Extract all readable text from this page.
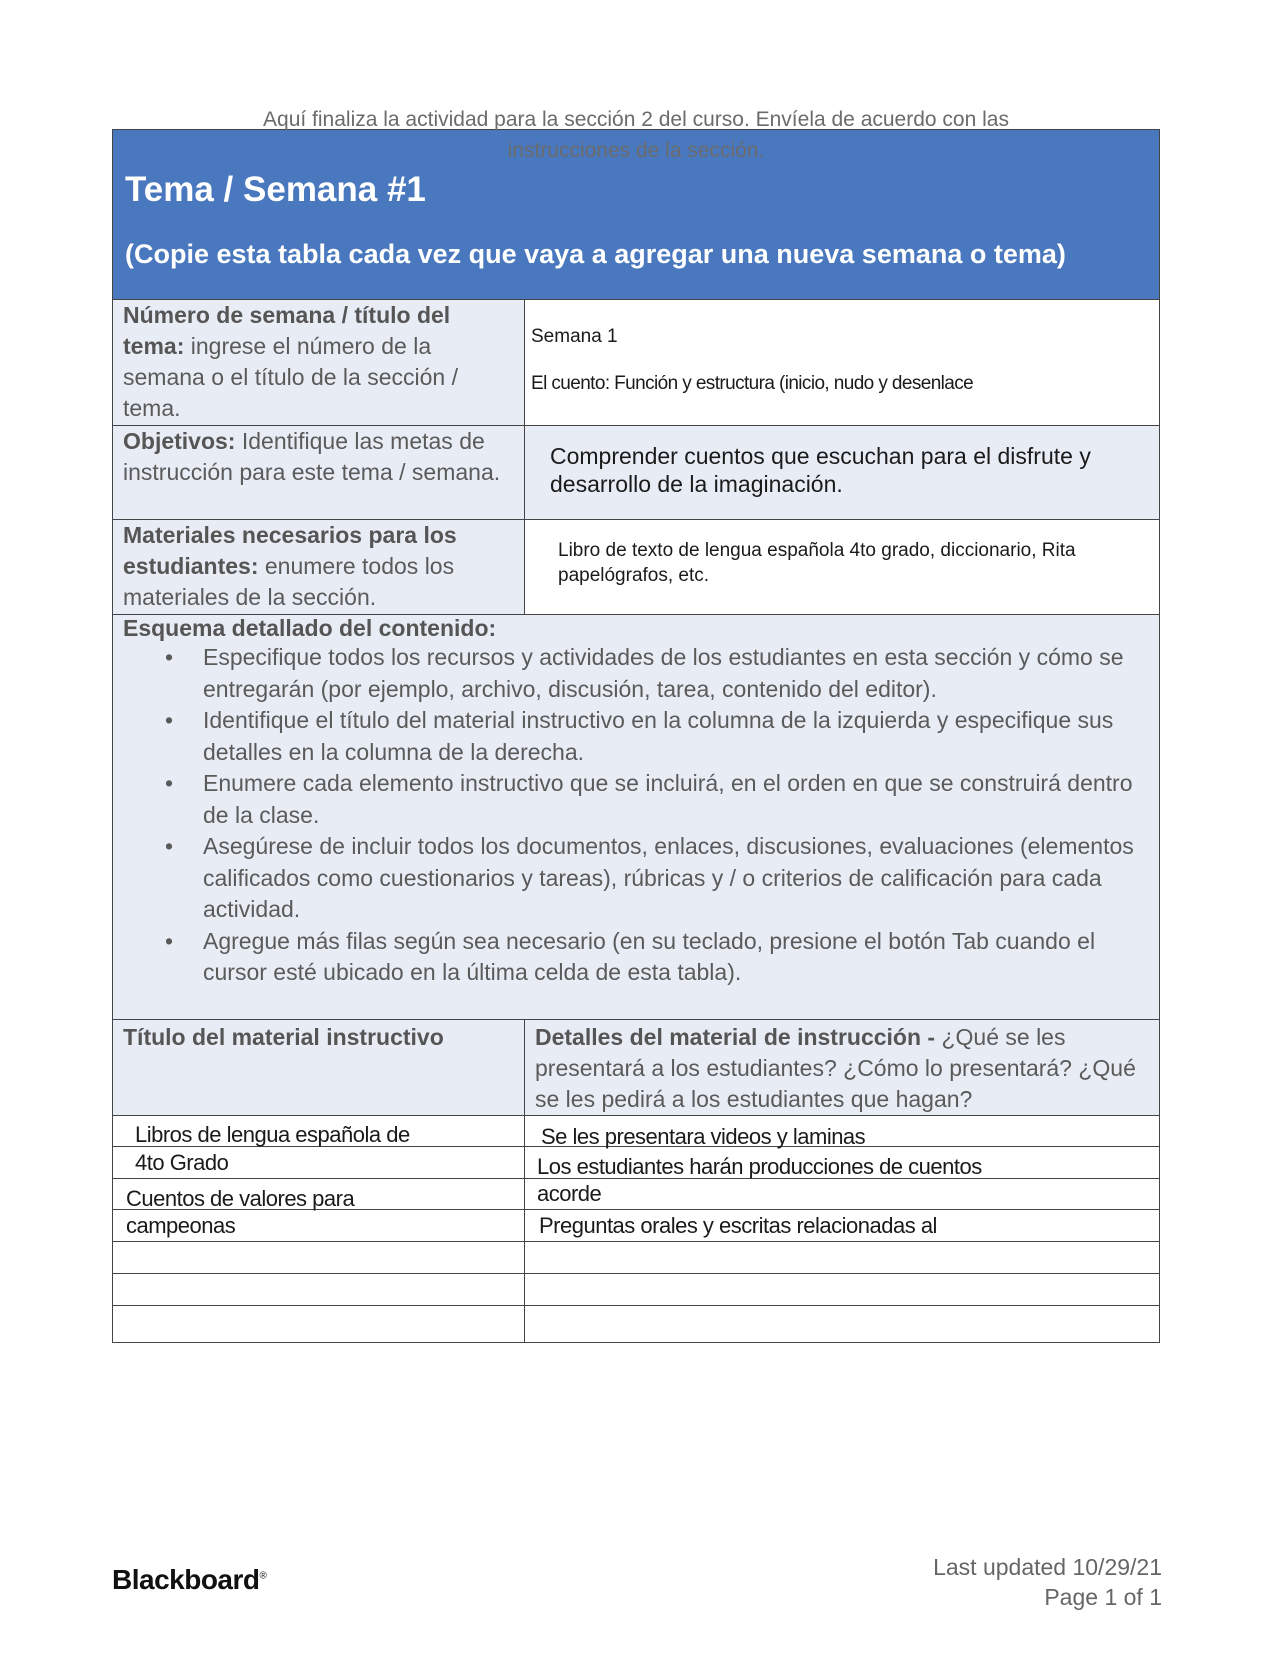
Aquí finaliza la actividad para la sección 2 del curso. Envíela de acuerdo con las
instrucciones de la sección.
Tema / Semana #1
(Copie esta tabla cada vez que vaya a agregar una nueva semana o tema)
Número de semana / título del tema: ingrese el número de la semana o el título de la sección / tema.
Semana 1
El cuento: Función y estructura (inicio, nudo y desenlace
Objetivos: Identifique las metas de instrucción para este tema / semana.
Comprender cuentos que escuchan para el disfrute y desarrollo de la imaginación.
Materiales necesarios para los estudiantes: enumere todos los materiales de la sección.
Libro de texto de lengua española 4to grado, diccionario, Rita
papelógrafos, etc.
Esquema detallado del contenido:
• Especifique todos los recursos y actividades de los estudiantes en esta sección y cómo se entregarán (por ejemplo, archivo, discusión, tarea, contenido del editor).
• Identifique el título del material instructivo en la columna de la izquierda y especifique sus detalles en la columna de la derecha.
• Enumere cada elemento instructivo que se incluirá, en el orden en que se construirá dentro de la clase.
• Asegúrese de incluir todos los documentos, enlaces, discusiones, evaluaciones (elementos calificados como cuestionarios y tareas), rúbricas y / o criterios de calificación para cada actividad.
• Agregue más filas según sea necesario (en su teclado, presione el botón Tab cuando el cursor esté ubicado en la última celda de esta tabla).
Título del material instructivo	Detalles del material de instrucción - ¿Qué se les presentará a los estudiantes? ¿Cómo lo presentará? ¿Qué se les pedirá a los estudiantes que hagan?
Libros de lengua española de
4to Grado
Cuentos de valores para
campeonas
Se les presentara videos y laminas
Los estudiantes harán producciones de cuentos
acorde
Preguntas orales y escritas relacionadas al
Blackboard®	Last updated 10/29/21
Page 1 of 1
